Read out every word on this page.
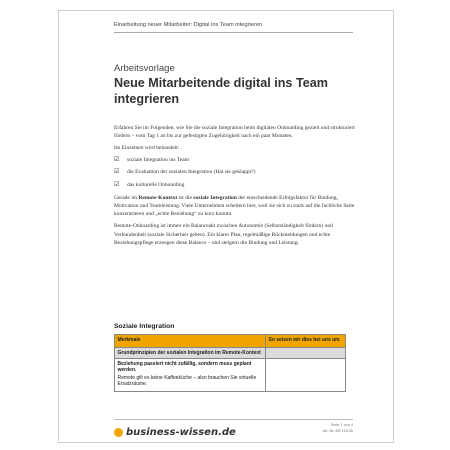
Einarbeitung neuer Mitarbeiter: Digital ins Team integrieren
Arbeitsvorlage
Neue Mitarbeitende digital ins Team integrieren

Erfahren Sie im Folgenden, wie Sie die soziale Integration beim digitalen Onboarding gezielt und strukturiert fördern – vom Tag 1 an bis zur gefestigten Zugehörigkeit nach ein paar Monaten.

Im Einzelnen wird behandelt:

☑ soziale Integration ins Team
☑ die Evaluation der sozialen Integration (Hat sie geklappt?)
☑ das kulturelle Onboarding

Gerade im Remote-Kontext ist die soziale Integration der entscheidende Erfolgsfaktor für Bindung, Motivation und Teamleistung. Viele Unternehmen scheitern hier, weil sie sich zu stark auf die fachliche Seite konzentrieren und „echte Beziehung“ zu kurz kommt.

Remote-Onboarding ist immer ein Balanceakt zwischen Autonomie (Selbstständigkeit fördern) und Verbundenheit (soziale Sicherheit geben). Ein klarer Plan, regelmäßige Rückmeldungen und echte Beziehungspflege erzeugen diese Balance – und steigern die Bindung und Leistung.

Soziale Integration
Merkmale	So setzen wir dies bei uns um
Grundprinzipien der sozialen Integration im Remote-Kontext	

Beziehung passiert nicht zufällig, sondern muss geplant werden.

Remote gilt es keine Kaffeeküche – also brauchen Sie virtuelle Ersatzräume.	

business-wissen.de
Seite 1 von 4
Art.-Nr. BB 115.06
